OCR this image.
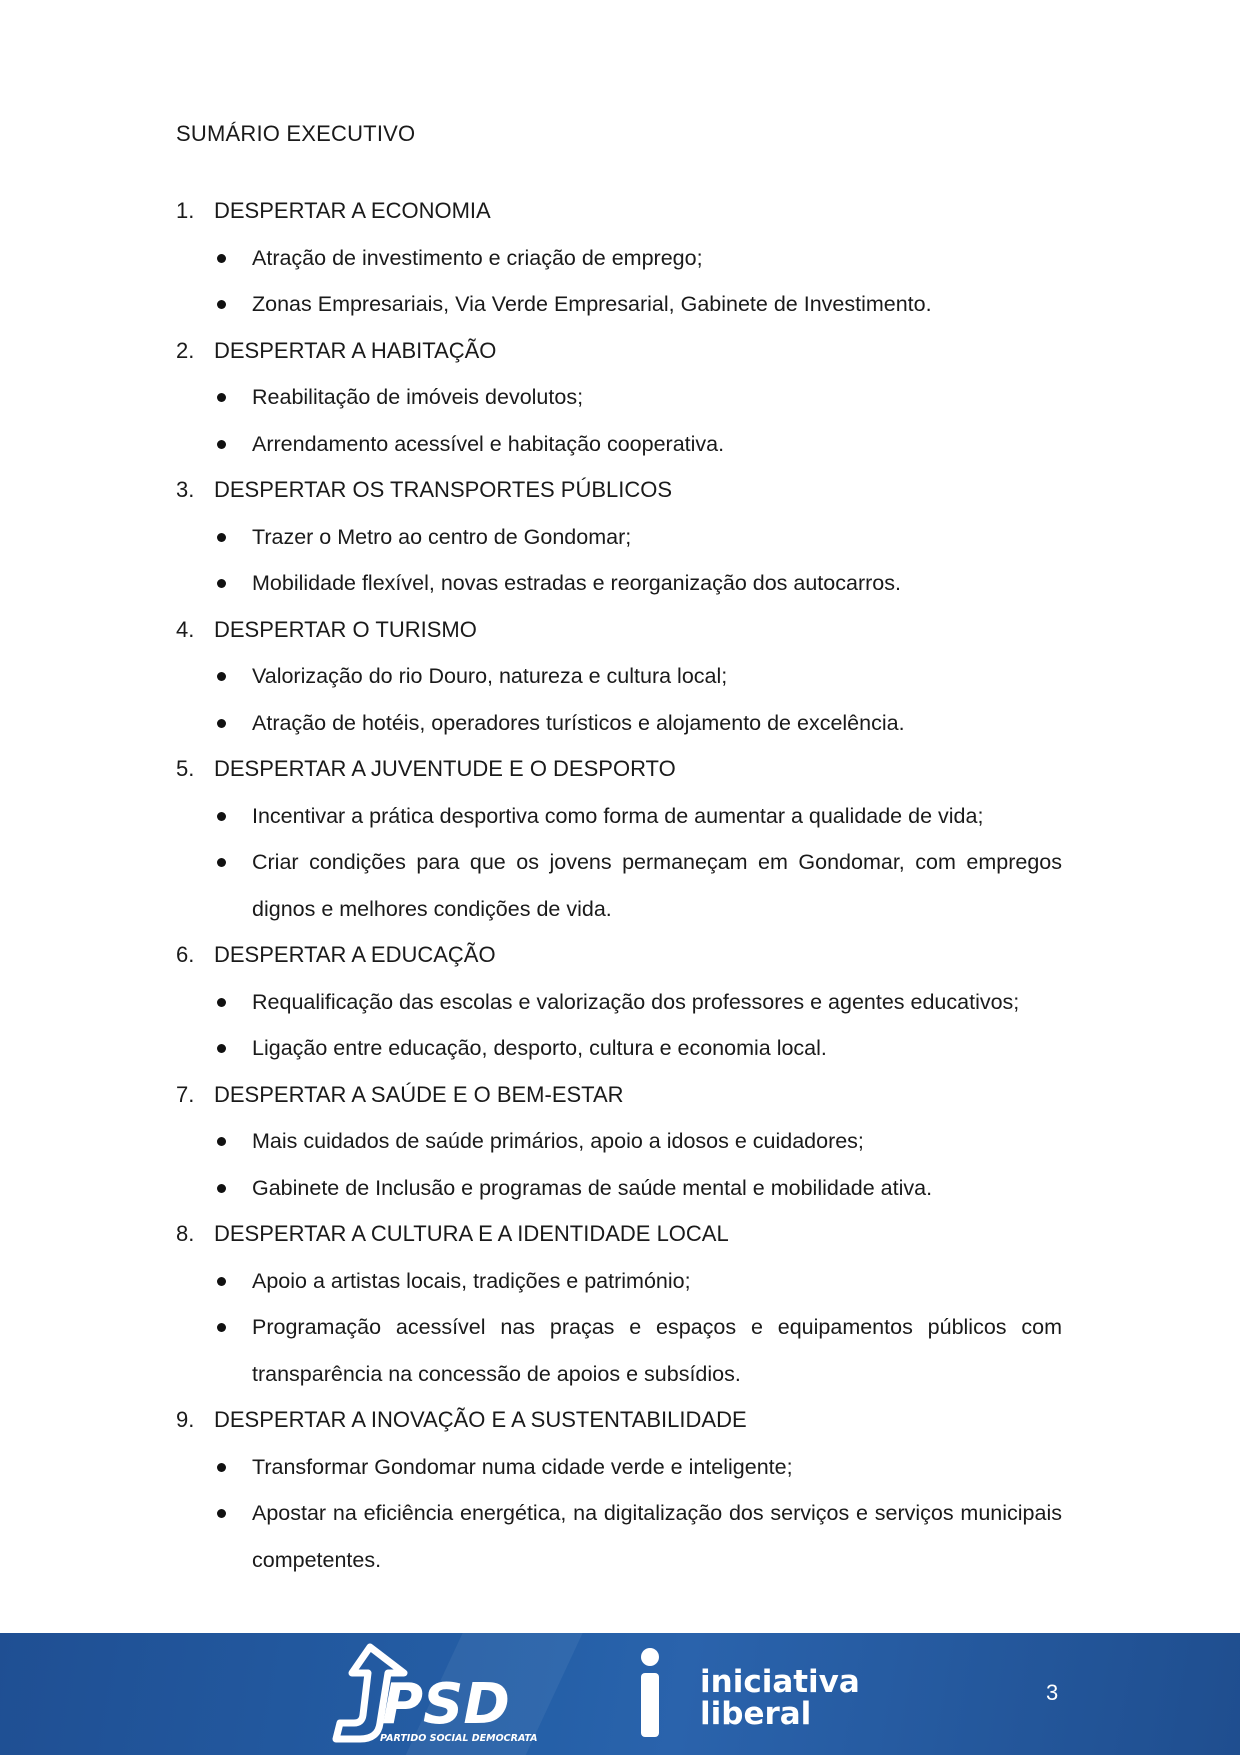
SUMÁRIO EXECUTIVO
1. DESPERTAR A ECONOMIA
Atração de investimento e criação de emprego;
Zonas Empresariais, Via Verde Empresarial, Gabinete de Investimento.
2. DESPERTAR A HABITAÇÃO
Reabilitação de imóveis devolutos;
Arrendamento acessível e habitação cooperativa.
3. DESPERTAR OS TRANSPORTES PÚBLICOS
Trazer o Metro ao centro de Gondomar;
Mobilidade flexível, novas estradas e reorganização dos autocarros.
4. DESPERTAR O TURISMO
Valorização do rio Douro, natureza e cultura local;
Atração de hotéis, operadores turísticos e alojamento de excelência.
5. DESPERTAR A JUVENTUDE E O DESPORTO
Incentivar a prática desportiva como forma de aumentar a qualidade de vida;
Criar condições para que os jovens permaneçam em Gondomar, com empregos dignos e melhores condições de vida.
6. DESPERTAR A EDUCAÇÃO
Requalificação das escolas e valorização dos professores e agentes educativos;
Ligação entre educação, desporto, cultura e economia local.
7. DESPERTAR A SAÚDE E O BEM-ESTAR
Mais cuidados de saúde primários, apoio a idosos e cuidadores;
Gabinete de Inclusão e programas de saúde mental e mobilidade ativa.
8. DESPERTAR A CULTURA E A IDENTIDADE LOCAL
Apoio a artistas locais, tradições e património;
Programação acessível nas praças e espaços e equipamentos públicos com transparência na concessão de apoios e subsídios.
9. DESPERTAR A INOVAÇÃO E A SUSTENTABILIDADE
Transformar Gondomar numa cidade verde e inteligente;
Apostar na eficiência energética, na digitalização dos serviços e serviços municipais competentes.
PSD
PARTIDO SOCIAL DEMOCRATA
iniciativa
liberal
3
